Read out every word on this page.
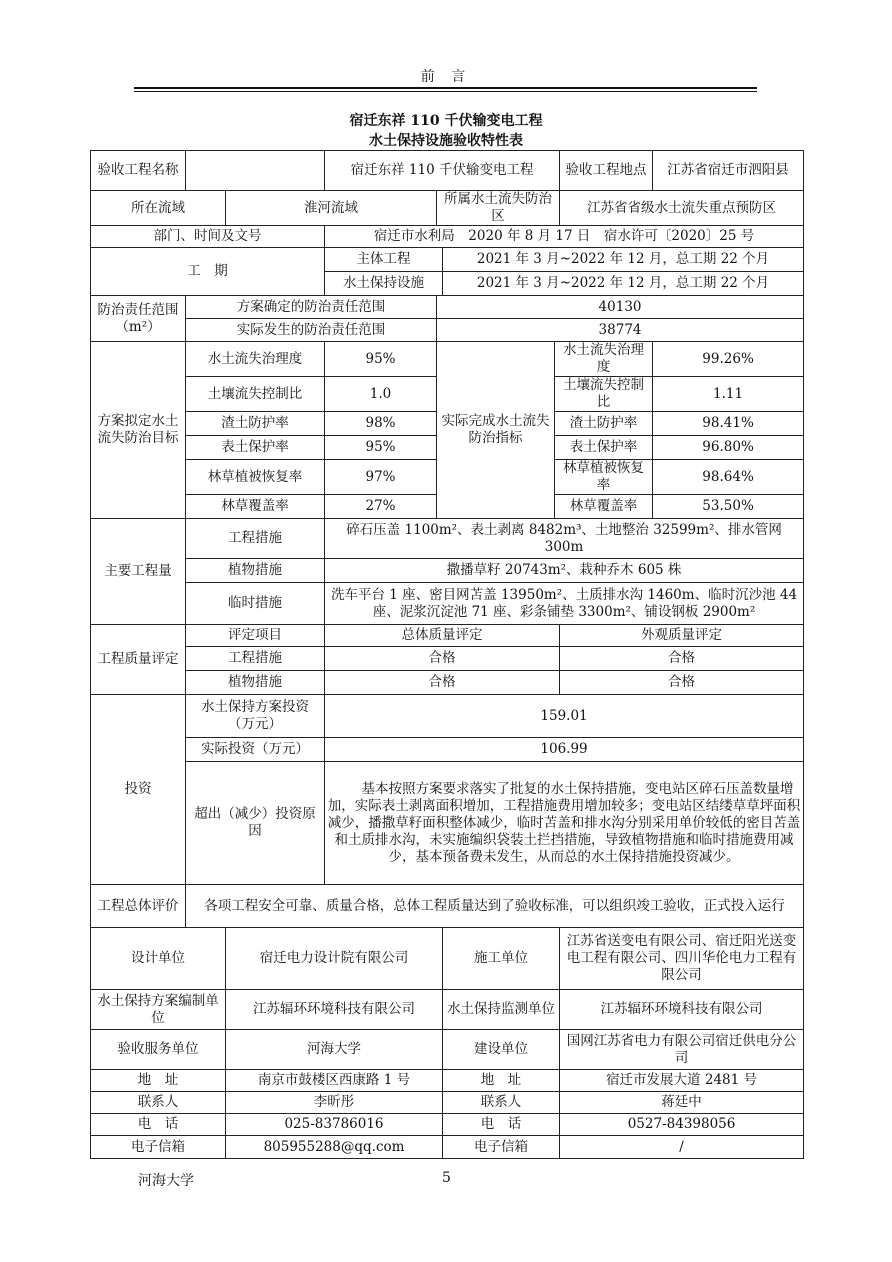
前 言
宿迁东祥 110 千伏输变电工程
水土保持设施验收特性表
验收工程名称			宿迁东祥 110 千伏输变电工程				验收工程地点	江苏省宿迁市泗阳县
所在流域		淮河流域		所属水土流失防治区			江苏省省级水土流失重点预防区	
部门、时间及文号			宿迁市水利局　2020 年 8 月 17 日　宿水许可〔2020〕25 号					
工　期			主体工程		2021 年 3 月~2022 年 12 月，总工期 22 个月			
			水土保持设施		2021 年 3 月~2022 年 12 月，总工期 22 个月			
防治责任范围（m²）	方案确定的防治责任范围			40130				
	实际发生的防治责任范围			38774				
方案拟定水土流失防治目标	水土流失治理度		95%	实际完成水土流失防治指标		水土流失治理度		99.26%
	土壤流失控制比		1.0			土壤流失控制比		1.11
	渣土防护率		98%			渣土防护率		98.41%
	表土保护率		95%			表土保护率		96.80%
	林草植被恢复率		97%			林草植被恢复率		98.64%
	林草覆盖率		27%			林草覆盖率		53.50%
主要工程量	工程措施		碎石压盖 1100m²、表土剥离 8482m³、土地整治 32599m²、排水管网 300m					
	植物措施		撒播草籽 20743m²、栽种乔木 605 株					
	临时措施		洗车平台 1 座、密目网苫盖 13950m²、土质排水沟 1460m、临时沉沙池 44 座、泥浆沉淀池 71 座、彩条铺垫 3300m²、铺设钢板 2900m²					
工程质量评定	评定项目		总体质量评定				外观质量评定	
	工程措施		合格				合格	
	植物措施		合格				合格	
投资	水土保持方案投资（万元）		159.01					
	实际投资（万元）		106.99					
	超出（减少）投资原因		基本按照方案要求落实了批复的水土保持措施，变电站区碎石压盖数量增加，实际表土剥离面积增加，工程措施费用增加较多；变电站区结缕草草坪面积减少，播撒草籽面积整体减少，临时苫盖和排水沟分别采用单价较低的密目苫盖和土质排水沟，未实施编织袋装土拦挡措施，导致植物措施和临时措施费用减少，基本预备费未发生，从而总的水土保持措施投资减少。					
工程总体评价	各项工程安全可靠、质量合格，总体工程质量达到了验收标准，可以组织竣工验收，正式投入运行							
设计单位		宿迁电力设计院有限公司			施工单位		江苏省送变电有限公司、宿迁阳光送变电工程有限公司、四川华伦电力工程有限公司	
水土保持方案编制单位		江苏辐环环境科技有限公司			水土保持监测单位		江苏辐环环境科技有限公司	
验收服务单位		河海大学			建设单位		国网江苏省电力有限公司宿迁供电分公司	
地　址		南京市鼓楼区西康路 1 号			地　址		宿迁市发展大道 2481 号	
联系人		李昕彤			联系人		蒋廷中	
电　话		025-83786016			电　话		0527-84398056	
电子信箱		805955288@qq.com			电子信箱		/	
河海大学	5
